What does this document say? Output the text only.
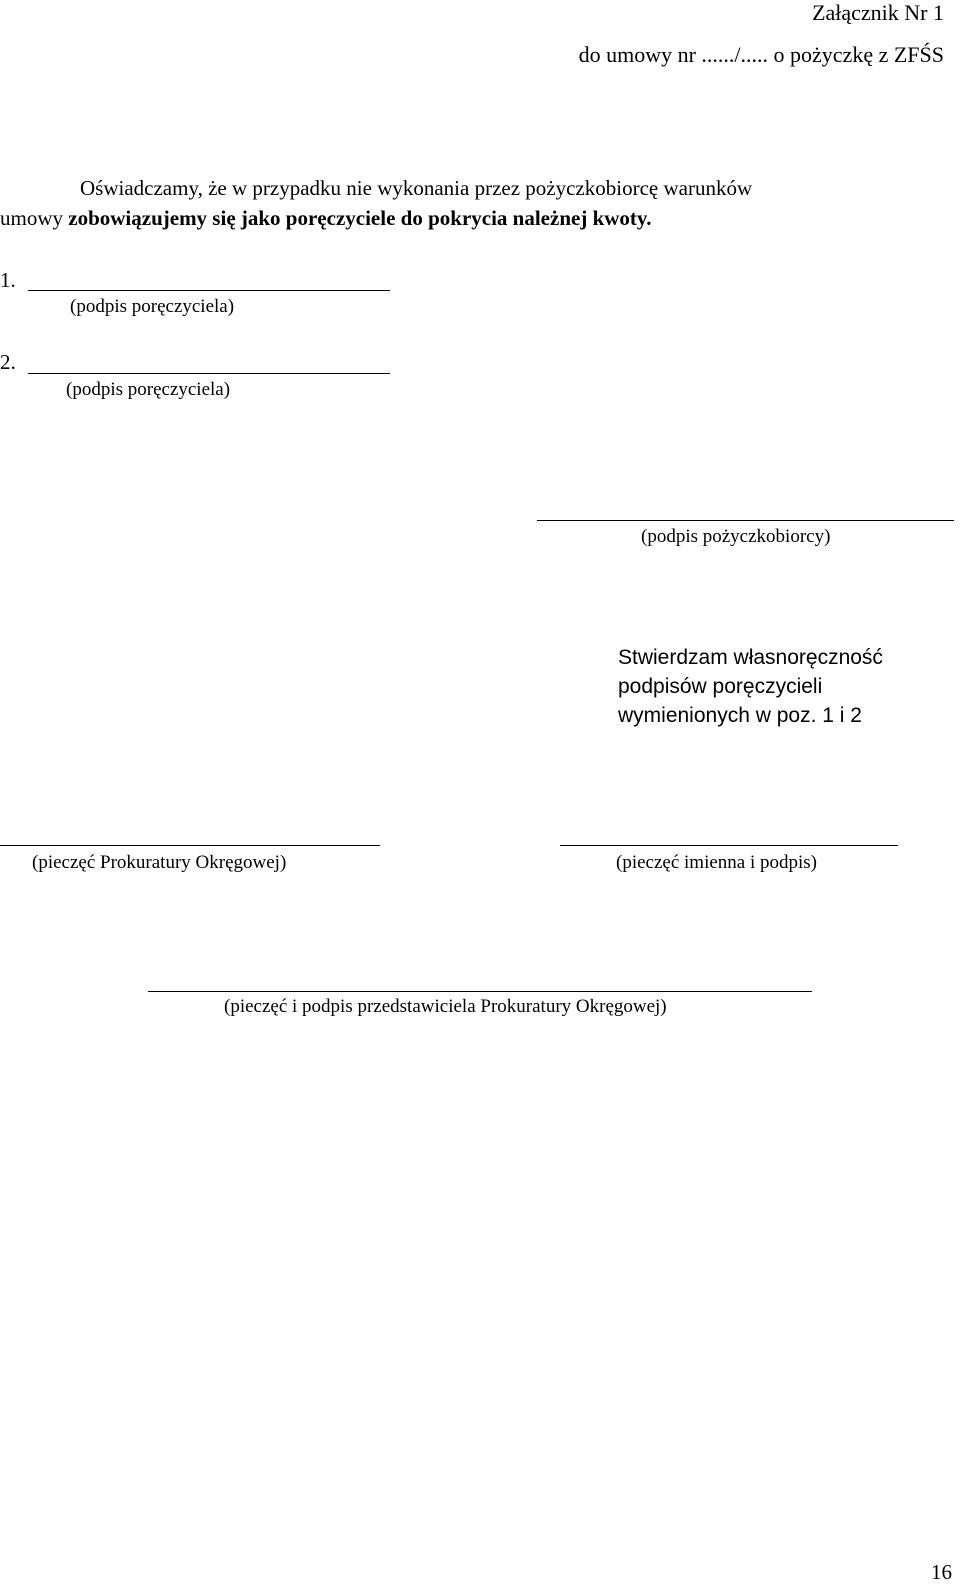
Załącznik Nr 1
do umowy nr ....../..... o pożyczkę z ZFŚS
Oświadczamy, że w przypadku nie wykonania przez pożyczkobiorcę warunków
umowy zobowiązujemy się jako poręczyciele do pokrycia należnej kwoty.
1.
(podpis poręczyciela)
2.
(podpis poręczyciela)
(podpis pożyczkobiorcy)
Stwierdzam własnoręczność
podpisów poręczycieli
wymienionych w poz. 1 i 2
(pieczęć Prokuratury Okręgowej)	(pieczęć imienna i podpis)
(pieczęć i podpis przedstawiciela Prokuratury Okręgowej)
16
